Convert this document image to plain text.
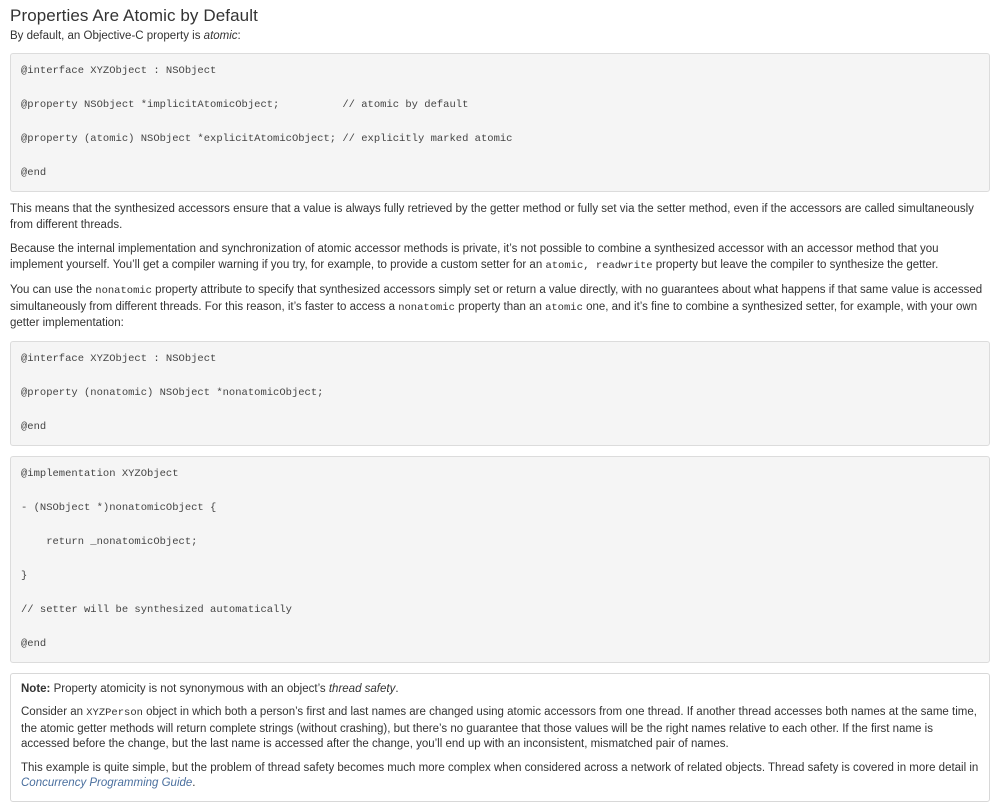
Properties Are Atomic by Default

By default, an Objective-C property is atomic:

@interface XYZObject : NSObject
@property NSObject *implicitAtomicObject;          // atomic by default
@property (atomic) NSObject *explicitAtomicObject; // explicitly marked atomic
@end

This means that the synthesized accessors ensure that a value is always fully retrieved by the getter method or fully set via the setter method, even if the accessors are called simultaneously from different threads.

Because the internal implementation and synchronization of atomic accessor methods is private, it’s not possible to combine a synthesized accessor with an accessor method that you implement yourself. You’ll get a compiler warning if you try, for example, to provide a custom setter for an atomic, readwrite property but leave the compiler to synthesize the getter.

You can use the nonatomic property attribute to specify that synthesized accessors simply set or return a value directly, with no guarantees about what happens if that same value is accessed simultaneously from different threads. For this reason, it’s faster to access a nonatomic property than an atomic one, and it’s fine to combine a synthesized setter, for example, with your own getter implementation:

@interface XYZObject : NSObject
@property (nonatomic) NSObject *nonatomicObject;
@end
@implementation XYZObject
- (NSObject *)nonatomicObject {
return _nonatomicObject;
}
// setter will be synthesized automatically
@end

Note: Property atomicity is not synonymous with an object’s thread safety.

Consider an XYZPerson object in which both a person’s first and last names are changed using atomic accessors from one thread. If another thread accesses both names at the same time, the atomic getter methods will return complete strings (without crashing), but there’s no guarantee that those values will be the right names relative to each other. If the first name is accessed before the change, but the last name is accessed after the change, you’ll end up with an inconsistent, mismatched pair of names.

This example is quite simple, but the problem of thread safety becomes much more complex when considered across a network of related objects. Thread safety is covered in more detail in Concurrency Programming Guide.
